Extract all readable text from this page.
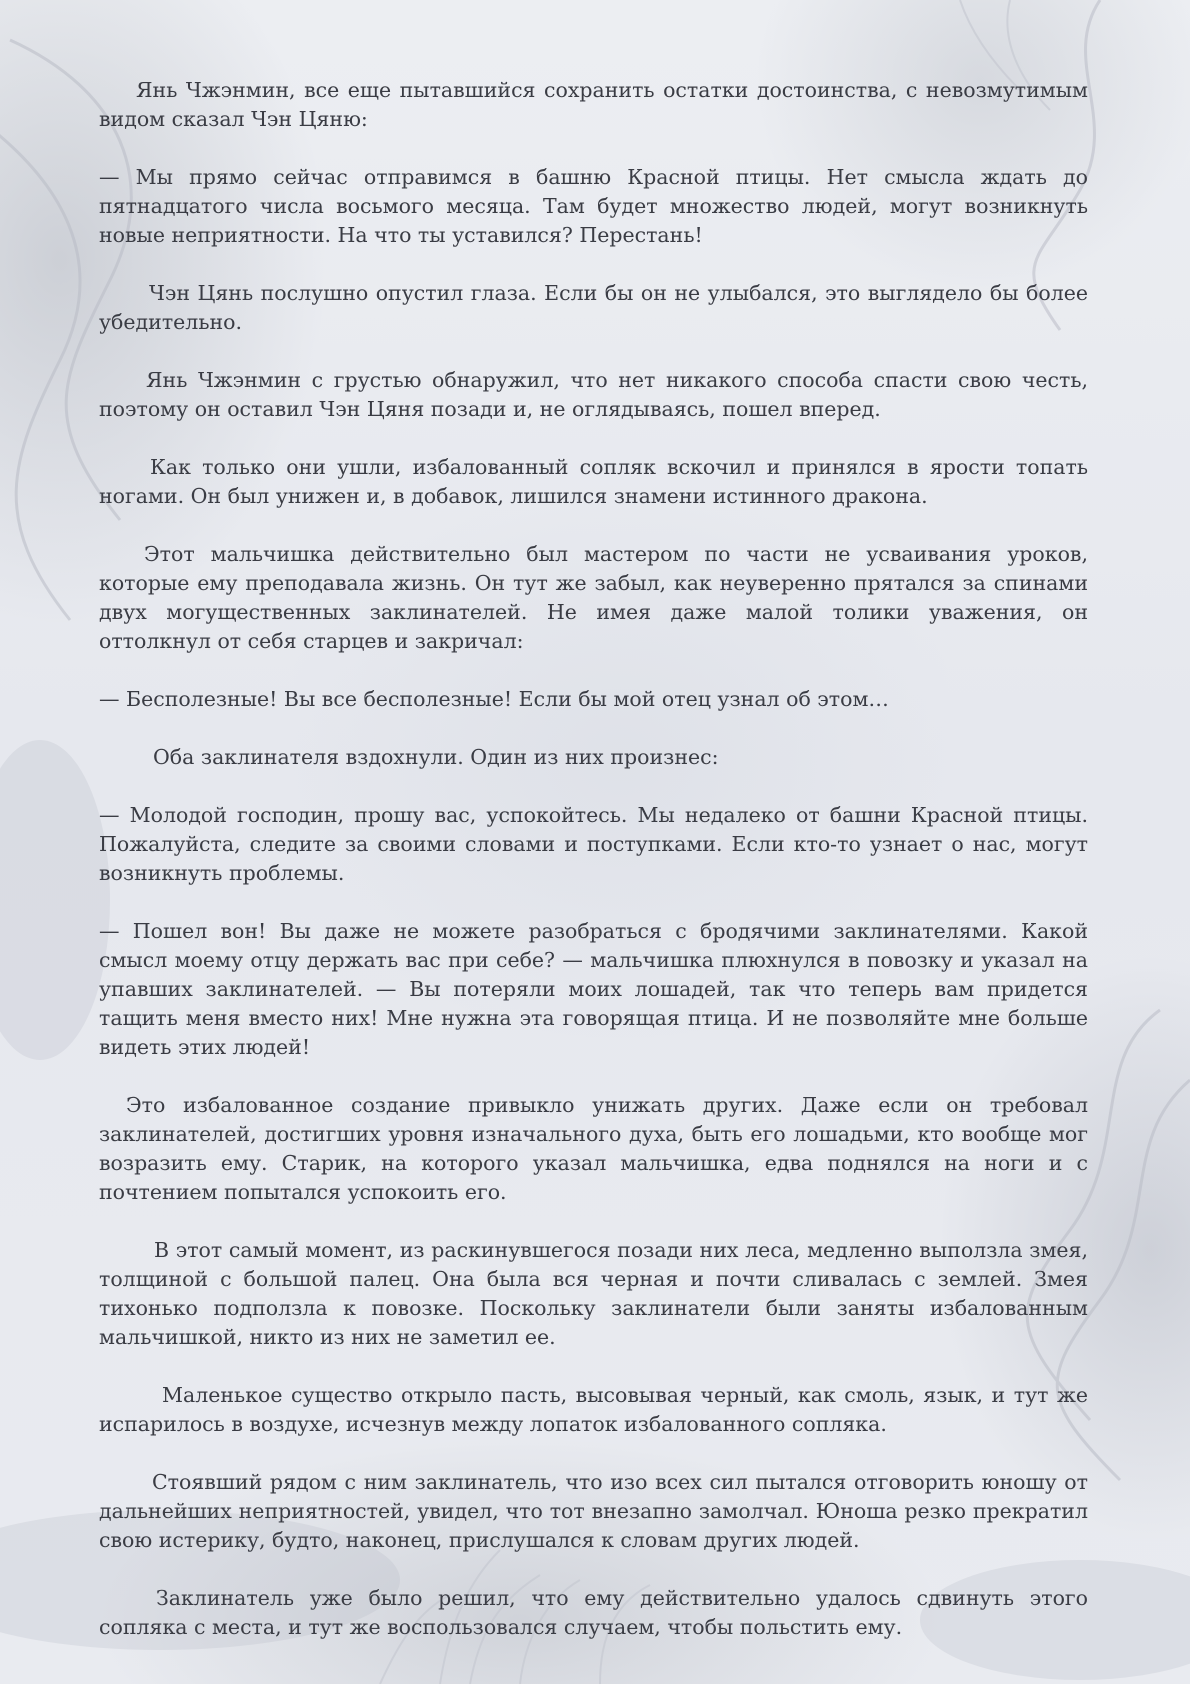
Янь Чжэнмин, все еще пытавшийся сохранить остатки достоинства, с невозмутимым видом сказал Чэн Цяню:

— Мы прямо сейчас отправимся в башню Красной птицы. Нет смысла ждать до пятнадцатого числа восьмого месяца. Там будет множество людей, могут возникнуть новые неприятности. На что ты уставился? Перестань!

Чэн Цянь послушно опустил глаза. Если бы он не улыбался, это выглядело бы более убедительно.

Янь Чжэнмин с грустью обнаружил, что нет никакого способа спасти свою честь, поэтому он оставил Чэн Цяня позади и, не оглядываясь, пошел вперед.

Как только они ушли, избалованный сопляк вскочил и принялся в ярости топать ногами. Он был унижен и, в добавок, лишился знамени истинного дракона.

Этот мальчишка действительно был мастером по части не усваивания уроков, которые ему преподавала жизнь. Он тут же забыл, как неуверенно прятался за спинами двух могущественных заклинателей. Не имея даже малой толики уважения, он оттолкнул от себя старцев и закричал:

— Бесполезные! Вы все бесполезные! Если бы мой отец узнал об этом…

Оба заклинателя вздохнули. Один из них произнес:

— Молодой господин, прошу вас, успокойтесь. Мы недалеко от башни Красной птицы. Пожалуйста, следите за своими словами и поступками. Если кто-то узнает о нас, могут возникнуть проблемы.

— Пошел вон! Вы даже не можете разобраться с бродячими заклинателями. Какой смысл моему отцу держать вас при себе? — мальчишка плюхнулся в повозку и указал на упавших заклинателей. — Вы потеряли моих лошадей, так что теперь вам придется тащить меня вместо них! Мне нужна эта говорящая птица. И не позволяйте мне больше видеть этих людей!

Это избалованное создание привыкло унижать других. Даже если он требовал заклинателей, достигших уровня изначального духа, быть его лошадьми, кто вообще мог возразить ему. Старик, на которого указал мальчишка, едва поднялся на ноги и с почтением попытался успокоить его.

В этот самый момент, из раскинувшегося позади них леса, медленно выползла змея, толщиной с большой палец. Она была вся черная и почти сливалась с землей. Змея тихонько подползла к повозке. Поскольку заклинатели были заняты избалованным мальчишкой, никто из них не заметил ее.

Маленькое существо открыло пасть, высовывая черный, как смоль, язык, и тут же испарилось в воздухе, исчезнув между лопаток избалованного сопляка.

Стоявший рядом с ним заклинатель, что изо всех сил пытался отговорить юношу от дальнейших неприятностей, увидел, что тот внезапно замолчал. Юноша резко прекратил свою истерику, будто, наконец, прислушался к словам других людей.

Заклинатель уже было решил, что ему действительно удалось сдвинуть этого сопляка с места, и тут же воспользовался случаем, чтобы польстить ему.
